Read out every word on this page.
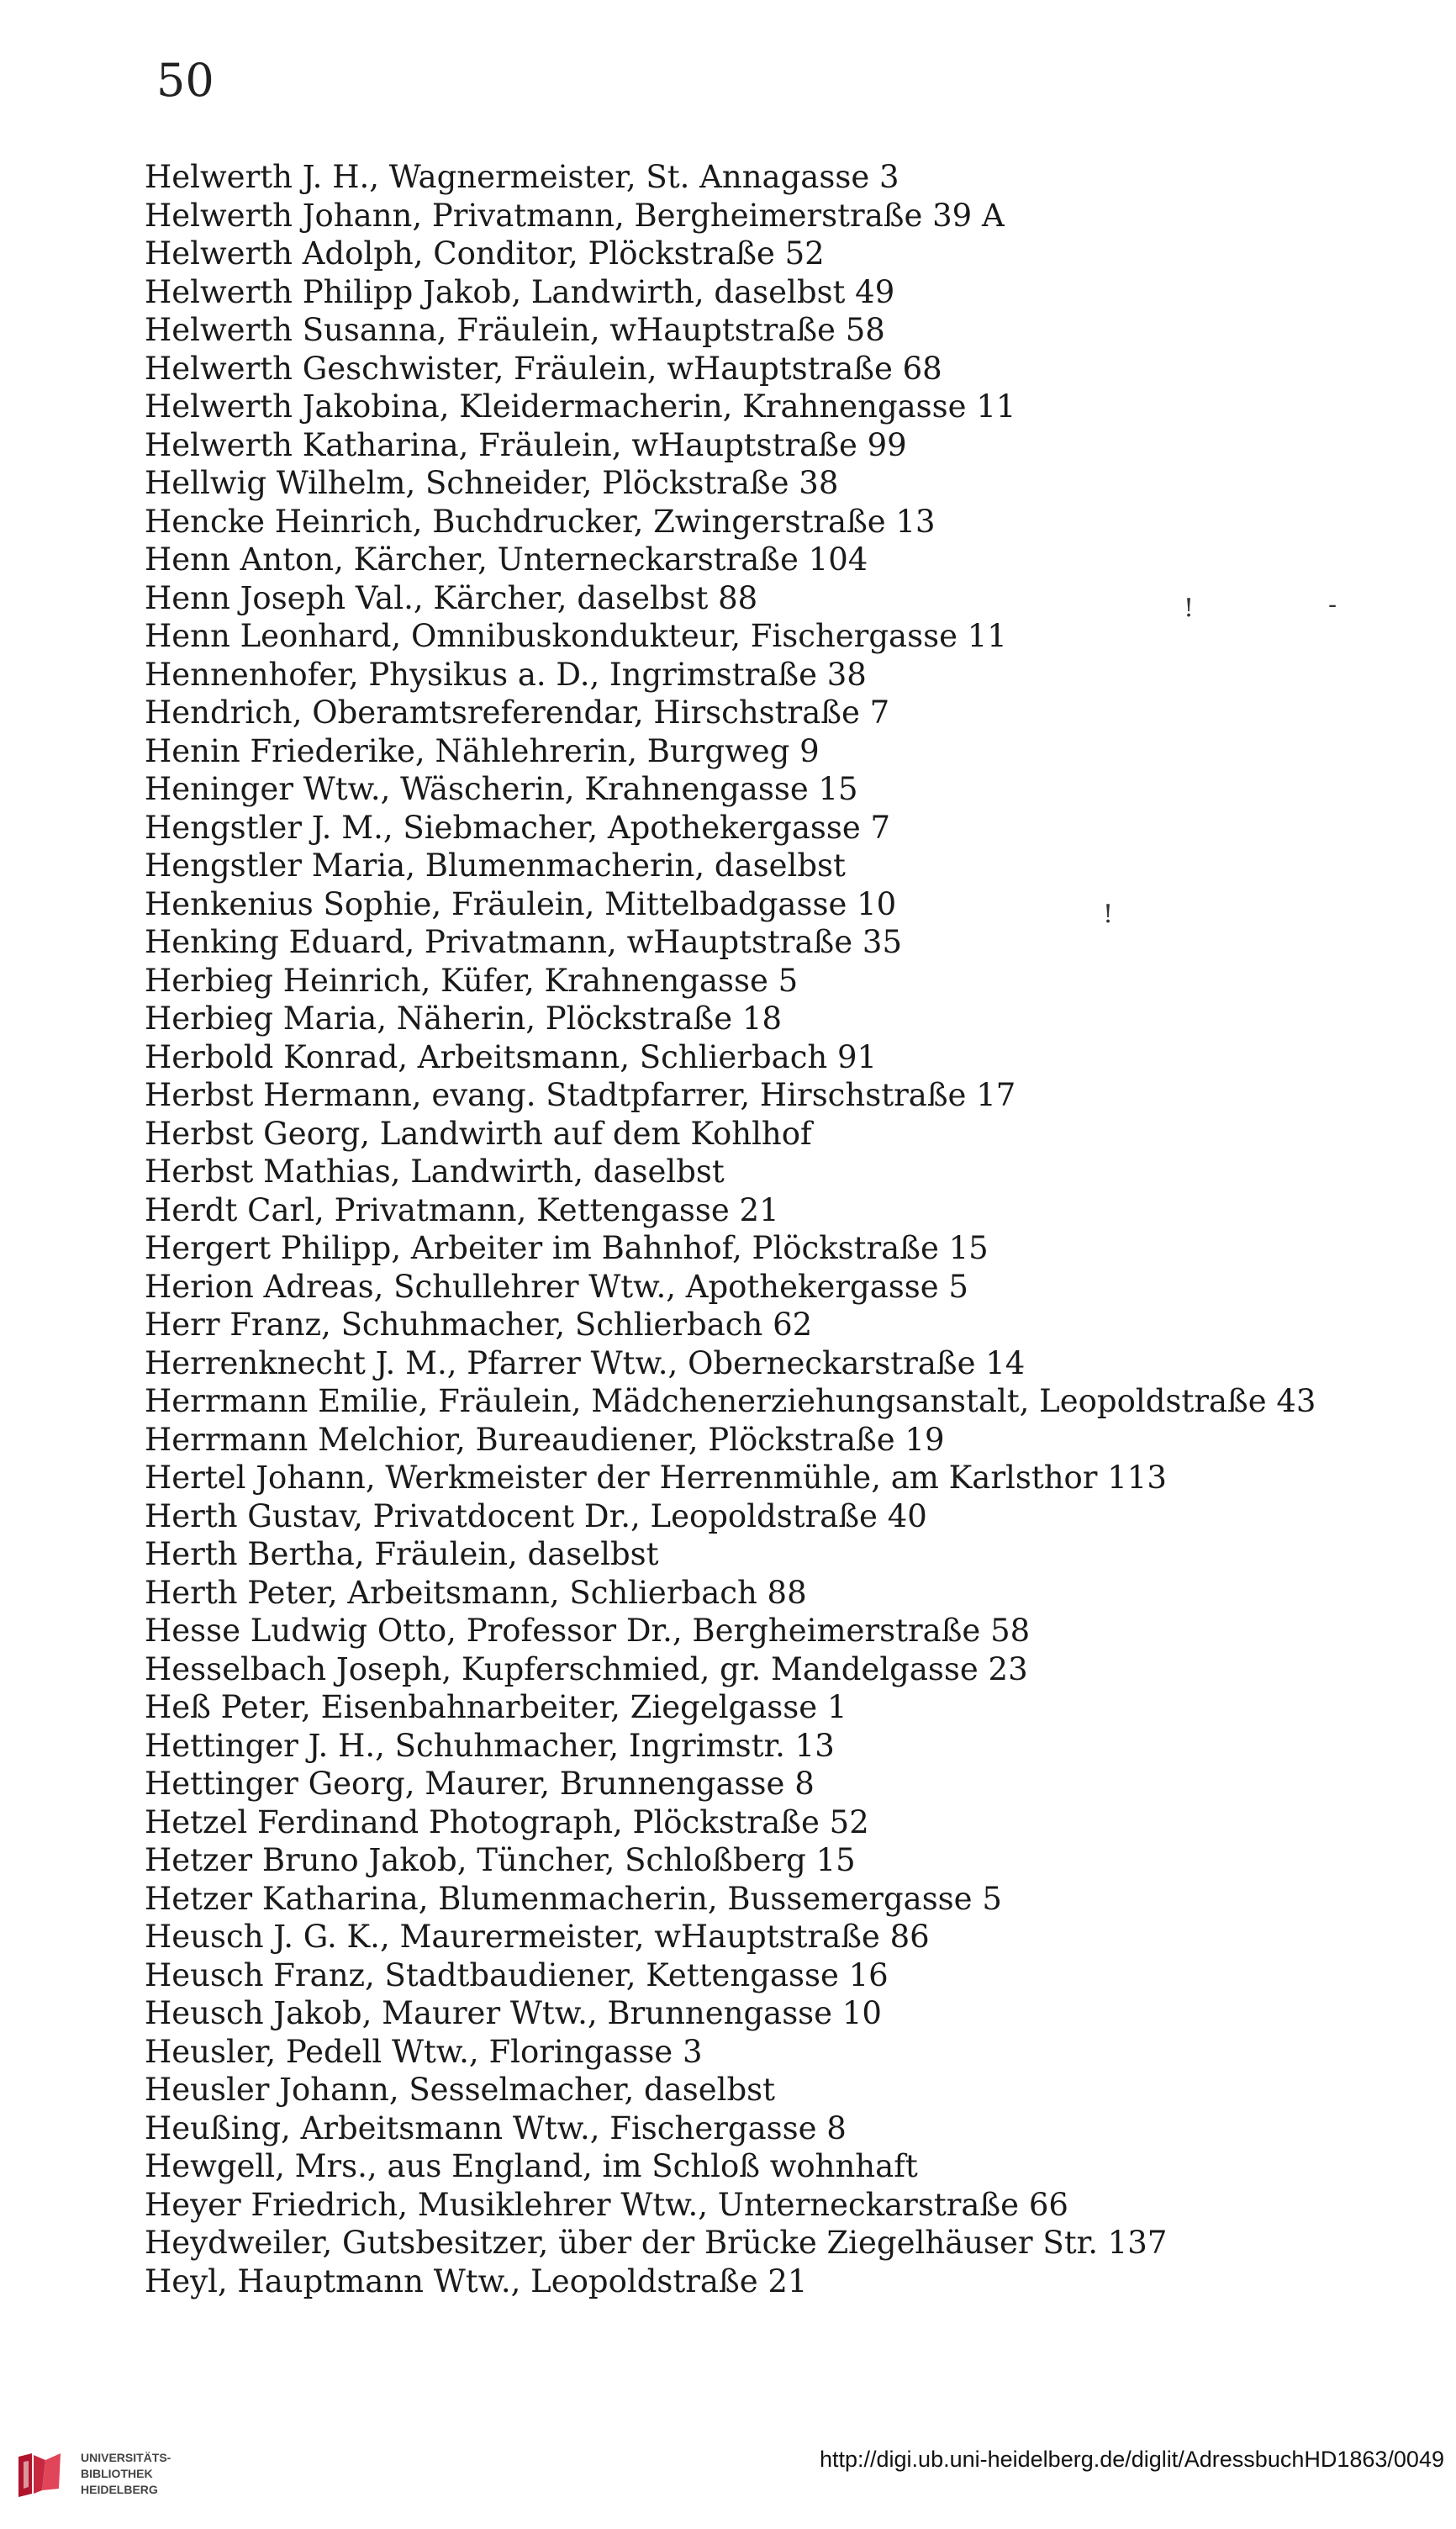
50
!	-
!
Helwerth J. H., Wagnermeister, St. Annagasse 3
Helwerth Johann, Privatmann, Bergheimerstraße 39 A
Helwerth Adolph, Conditor, Plöckstraße 52
Helwerth Philipp Jakob, Landwirth, daselbst 49
Helwerth Susanna, Fräulein, wHauptstraße 58
Helwerth Geschwister, Fräulein, wHauptstraße 68
Helwerth Jakobina, Kleidermacherin, Krahnengasse 11
Helwerth Katharina, Fräulein, wHauptstraße 99
Hellwig Wilhelm, Schneider, Plöckstraße 38
Hencke Heinrich, Buchdrucker, Zwingerstraße 13
Henn Anton, Kärcher, Unterneckarstraße 104
Henn Joseph Val., Kärcher, daselbst 88
Henn Leonhard, Omnibuskondukteur, Fischergasse 11
Hennenhofer, Physikus a. D., Ingrimstraße 38
Hendrich, Oberamtsreferendar, Hirschstraße 7
Henin Friederike, Nählehrerin, Burgweg 9
Heninger Wtw., Wäscherin, Krahnengasse 15
Hengstler J. M., Siebmacher, Apothekergasse 7
Hengstler Maria, Blumenmacherin, daselbst
Henkenius Sophie, Fräulein, Mittelbadgasse 10
Henking Eduard, Privatmann, wHauptstraße 35
Herbieg Heinrich, Küfer, Krahnengasse 5
Herbieg Maria, Näherin, Plöckstraße 18
Herbold Konrad, Arbeitsmann, Schlierbach 91
Herbst Hermann, evang. Stadtpfarrer, Hirschstraße 17
Herbst Georg, Landwirth auf dem Kohlhof
Herbst Mathias, Landwirth, daselbst
Herdt Carl, Privatmann, Kettengasse 21
Hergert Philipp, Arbeiter im Bahnhof, Plöckstraße 15
Herion Adreas, Schullehrer Wtw., Apothekergasse 5
Herr Franz, Schuhmacher, Schlierbach 62
Herrenknecht J. M., Pfarrer Wtw., Oberneckarstraße 14
Herrmann Emilie, Fräulein, Mädchenerziehungsanstalt, Leopoldstraße 43
Herrmann Melchior, Bureaudiener, Plöckstraße 19
Hertel Johann, Werkmeister der Herrenmühle, am Karlsthor 113
Herth Gustav, Privatdocent Dr., Leopoldstraße 40
Herth Bertha, Fräulein, daselbst
Herth Peter, Arbeitsmann, Schlierbach 88
Hesse Ludwig Otto, Professor Dr., Bergheimerstraße 58
Hesselbach Joseph, Kupferschmied, gr. Mandelgasse 23
Heß Peter, Eisenbahnarbeiter, Ziegelgasse 1
Hettinger J. H., Schuhmacher, Ingrimstr. 13
Hettinger Georg, Maurer, Brunnengasse 8
Hetzel Ferdinand Photograph, Plöckstraße 52
Hetzer Bruno Jakob, Tüncher, Schloßberg 15
Hetzer Katharina, Blumenmacherin, Bussemergasse 5
Heusch J. G. K., Maurermeister, wHauptstraße 86
Heusch Franz, Stadtbaudiener, Kettengasse 16
Heusch Jakob, Maurer Wtw., Brunnengasse 10
Heusler, Pedell Wtw., Floringasse 3
Heusler Johann, Sesselmacher, daselbst
Heußing, Arbeitsmann Wtw., Fischergasse 8
Hewgell, Mrs., aus England, im Schloß wohnhaft
Heyer Friedrich, Musiklehrer Wtw., Unterneckarstraße 66
Heydweiler, Gutsbesitzer, über der Brücke Ziegelhäuser Str. 137
Heyl, Hauptmann Wtw., Leopoldstraße 21
UNIVERSITÄTS-
BIBLIOTHEK
HEIDELBERG
http://digi.ub.uni-heidelberg.de/diglit/AdressbuchHD1863/0049
